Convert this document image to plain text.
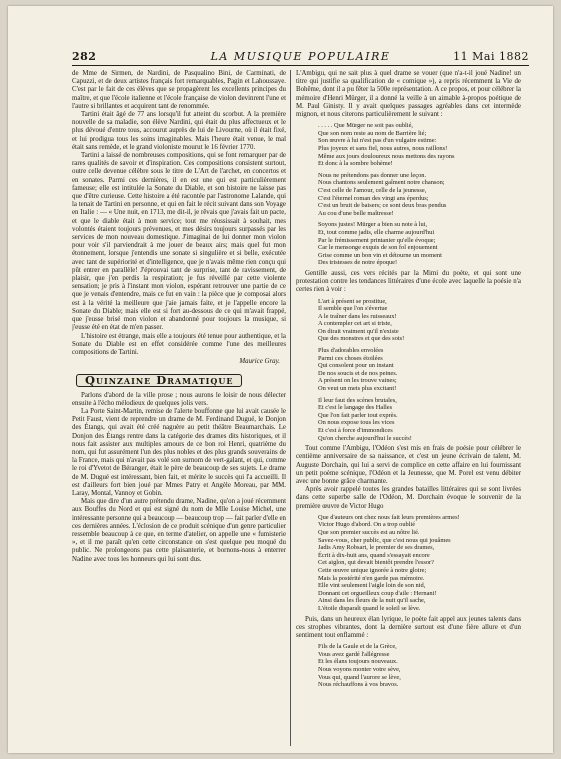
282	LA MUSIQUE POPULAIRE	11 Mai 1882

de Mme de Sirmen, de Nardini, de Pasqualino Bini, de Carminati, de Capuzzi, et de deux artistes français fort remarquables, Pagin et Lahoussaye. C'est par le fait de ces élèves que se propagèrent les excellents principes du maître, et que l'école italienne et l'école française de violon devinrent l'une et l'autre si brillantes et acquirent tant de renommée.

Tartini était âgé de 77 ans lorsqu'il fut atteint du scorbut. A la première nouvelle de sa maladie, son élève Nardini, qui était du plus affectueux et le plus dévoué d'entre tous, accourut auprès de lui de Livourne, où il était fixé, et lui prodigua tous les soins imaginables. Mais l'heure était venue, le mal était sans remède, et le grand violoniste mourut le 16 février 1770.

Tartini a laissé de nombreuses compositions, qui se font remarquer par de rares qualités de savoir et d'inspiration. Ces compositions consistent surtout, outre celle devenue célèbre sous le titre de L'Art de l'archet, en concertos et en sonates. Parmi ces dernières, il en est une qui est particulièrement fameuse; elle est intitulée la Sonate du Diable, et son histoire ne laisse pas que d'être curieuse. Cette histoire a été racontée par l'astronome Lalande, qui la tenait de Tartini en personne, et qui en fait le récit suivant dans son Voyage en Italie : — « Une nuit, en 1713, me dit-il, je rêvais que j'avais fait un pacte, et que le diable était à mon service; tout me réussissait à souhait, mes volontés étaient toujours prévenues, et mes désirs toujours surpassés par les services de mon nouveau domestique. J'imaginai de lui donner mon violon pour voir s'il parviendrait à me jouer de beaux airs; mais quel fut mon étonnement, lorsque j'entendis une sonate si singulière et si belle, exécutée avec tant de supériorité et d'intelligence, que je n'avais même rien conçu qui pût entrer en parallèle! J'éprouvai tant de surprise, tant de ravissement, de plaisir, que j'en perdis la respiration; je fus réveillé par cette violente sensation; je pris à l'instant mon violon, espérant retrouver une partie de ce que je venais d'entendre, mais ce fut en vain : la pièce que je composai alors est à la vérité la meilleure que j'aie jamais faite, et je l'appelle encore la Sonate du Diable; mais elle est si fort au-dessous de ce qui m'avait frappé, que j'eusse brisé mon violon et abandonné pour toujours la musique, si j'eusse été en état de m'en passer.

L'histoire est étrange, mais elle a toujours été tenue pour authentique, et la Sonate du Diable est en effet considérée comme l'une des meilleures compositions de Tartini.

Maurice Gray.
Quinzaine Dramatique

Parlons d'abord de la ville prose ; nous aurons le loisir de nous délecter ensuite à l'écho mélodieux de quelques jolis vers.

La Porte Saint-Martin, remise de l'alerte bouffonne que lui avait causée le Petit Faust, vient de reprendre un drame de M. Ferdinand Dugué, le Donjon des Étangs, qui avait été créé naguère au petit théâtre Beaumarchais. Le Donjon des Étangs rentre dans la catégorie des drames dits historiques, et il nous fait assister aux multiples amours de ce bon roi Henri, quatrième du nom, qui fut assurément l'un des plus nobles et des plus grands souverains de la France, mais qui n'avait pas volé son surnom de vert-galant, et qui, comme le roi d'Yvetot de Béranger, était le père de beaucoup de ses sujets. Le drame de M. Dugué est intéressant, bien fait, et mérite le succès qui l'a accueilli. Il est d'ailleurs fort bien joué par Mmes Patry et Angèle Moreau, par MM. Laray, Montal, Vannoy et Gobin.

Mais que dire d'un autre prétendu drame, Nadine, qu'on a joué récemment aux Bouffes du Nord et qui est signé du nom de Mlle Louise Michel, une intéressante personne qui a beaucoup — beaucoup trop — fait parler d'elle en ces dernières années. L'éclosion de ce produit scénique d'un genre particulier ressemble beaucoup à ce que, en terme d'atelier, on appelle une « fumisterie », et il me paraît qu'en cette circonstance on s'est quelque peu moqué du public. Ne prolongeons pas cette plaisanterie, et bornons-nous à enterrer Nadine avec tous les honneurs qui lui sont dus.

L'Ambigu, qui ne sait plus à quel drame se vouer (que n'a-t-il joué Nadine! un titre qui justifie sa qualification de « comique »), a repris récemment la Vie de Bohême, dont il a pu fêter la 500e représentation. A ce propos, et pour célébrer la mémoire d'Henri Mürger, il a donné la veille à un aimable à-propos poétique de M. Paul Ginisty. Il y avait quelques passages agréables dans cet intermède mignon, et nous citerons particulièrement le suivant :

. . . . . Que Mürger ne soit pas oublié,
Que son nom reste au nom de Barrière lié;
Son œuvre à lui n'est pas d'un vulgaire estime:
Plus joyeux et sans fiel, nous autres, nous raillons!
Même aux jours douloureux nous mettons des rayons
Et donc à la sombre bohème!
Nous ne prétendons pas donner une leçon.
Nous chantons seulement gaîment notre chanson;
C'est celle de l'amour, celle de la jeunesse,
C'est l'éternel roman des vingt ans éperdus;
C'est un bruit de baisers; ce sont deux bras pendus
Au cou d'une belle maîtresse!
Soyons justes! Mürger a bien su note à lui,
Et, tout comme jadis, elle charme aujourd'hui
Par le frémissement printanier qu'elle évoque;
Car le mensonge exquis de son fol enjouement
Grise comme un bon vin et détourne un moment
Des tristesses de notre époque!

Gentille aussi, ces vers récités par la Mimi du poète, et qui sont une protestation contre les tendances littéraires d'une école avec laquelle la poésie n'a certes rien à voir :

L'art à présent se prostitue,
Il semble que l'on s'évertue
A le traîner dans les ruisseaux!
A contempler cet art si triste,
On dirait vraiment qu'il n'existe
Que des monstres et que des sots!
Plus d'adorables envolées
Parmi ces choses étoilées
Qui consolent pour un instant
De nos soucis et de nos peines.
A présent on les trouve vaines;
On veut un mets plus excitant!
Il leur faut des scènes brutales,
Et c'est le langage des Halles
Que l'on fait parler tout exprès.
On nous expose tous les vices
Et c'est à force d'immondices
Qu'on cherche aujourd'hui le succès!

Tout comme l'Ambigu, l'Odéon s'est mis en frais de poésie pour célébrer le centième anniversaire de sa naissance, et c'est un jeune écrivain de talent, M. Auguste Dorchain, qui lui a servi de complice en cette affaire en lui fournissant un petit poème scénique, l'Odéon et la Jeunesse, que M. Porel est venu débiter avec une bonne grâce charmante.

Après avoir rappelé toutes les grandes batailles littéraires qui se sont livrées dans cette superbe salle de l'Odéon, M. Dorchain évoque le souvenir de la première œuvre de Victor Hugo

Que d'auteurs ont chez nous fait leurs premières armes!
Victor Hugo d'abord. On a trop oublié
Que son premier succès est au nôtre lié.
Savez-vous, cher public, que c'est nous qui jouâmes
Jadis Amy Robsart, le premier de ses drames,
Écrit à dix-huit ans, quand s'essayait encore
Cet aiglon, qui devait bientôt prendre l'essor?
Cette œuvre unique ignorée à notre gloire;
Mais la postérité n'en garde pas mémoire.
Elle vint seulement l'aigle loin de son nid,
Donnant cet orgueilleux coup d'aile : Hernani!
Ainsi dans les fleurs de la nuit qu'il sache,
L'étoile disparaît quand le soleil se lève.

Puis, dans un heureux élan lyrique, le poète fait appel aux jeunes talents dans ces strophes vibrantes, dont la dernière surtout est d'une fière allure et d'un sentiment tout enflammé :

Fils de la Gaule et de la Grèce,
Vous avez gardé l'allégresse
Et les élans toujours nouveaux.
Nous voyons monter votre sève,
Vous qui, quand l'aurore se lève,
Nous réchauffons à vos bravos.
